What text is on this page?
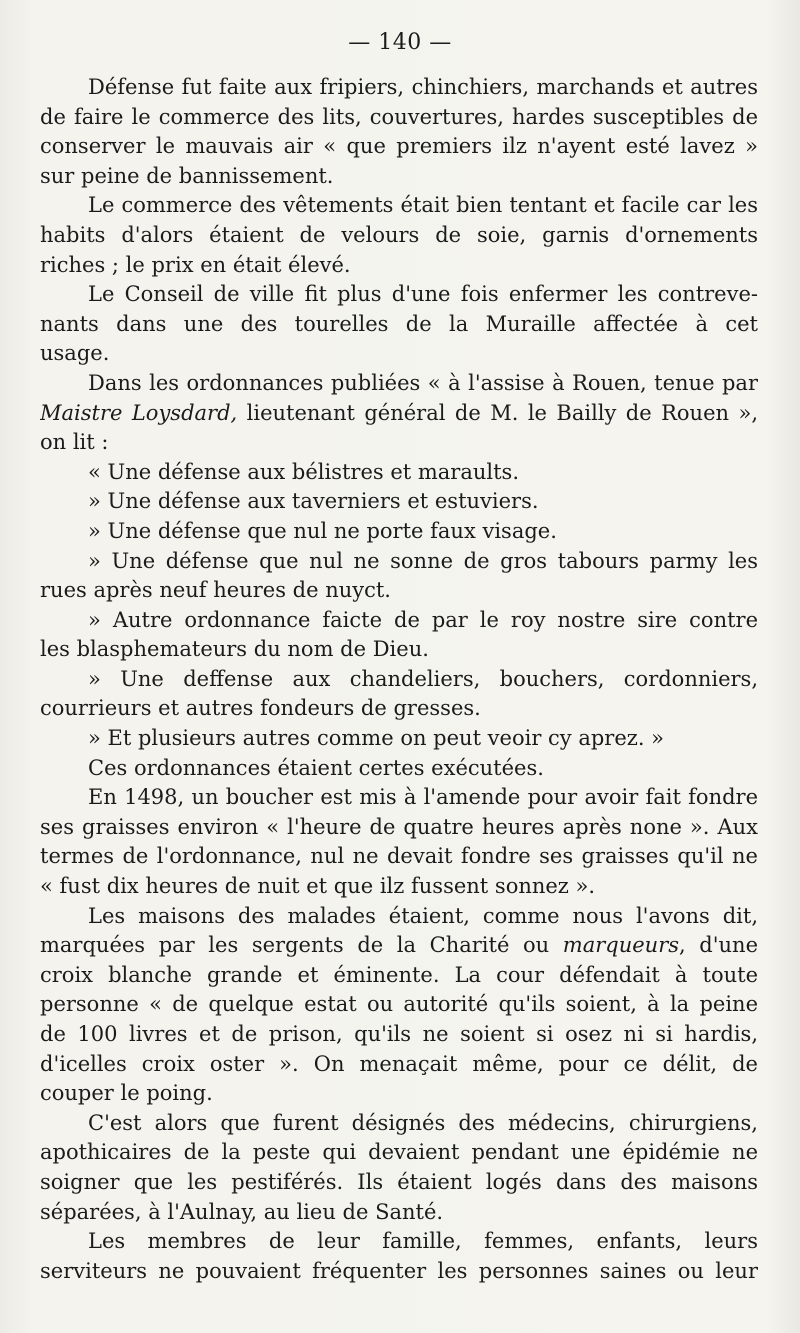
— 140 —
Défense fut faite aux fripiers, chinchiers, marchands et autres
de faire le commerce des lits, couvertures, hardes susceptibles de
conserver le mauvais air « que premiers ilz n'ayent esté lavez »
sur peine de bannissement.
Le commerce des vêtements était bien tentant et facile car les
habits d'alors étaient de velours de soie, garnis d'ornements
riches ; le prix en était élevé.
Le Conseil de ville fit plus d'une fois enfermer les contreve-
nants dans une des tourelles de la Muraille affectée à cet
usage.
Dans les ordonnances publiées « à l'assise à Rouen, tenue par
Maistre Loysdard, lieutenant général de M. le Bailly de Rouen »,
on lit :
« Une défense aux bélistres et maraults.
» Une défense aux taverniers et estuviers.
» Une défense que nul ne porte faux visage.
» Une défense que nul ne sonne de gros tabours parmy les
rues après neuf heures de nuyct.
» Autre ordonnance faicte de par le roy nostre sire contre
les blasphemateurs du nom de Dieu.
» Une deffense aux chandeliers, bouchers, cordonniers,
courrieurs et autres fondeurs de gresses.
» Et plusieurs autres comme on peut veoir cy aprez. »
Ces ordonnances étaient certes exécutées.
En 1498, un boucher est mis à l'amende pour avoir fait fondre
ses graisses environ « l'heure de quatre heures après none ». Aux
termes de l'ordonnance, nul ne devait fondre ses graisses qu'il ne
« fust dix heures de nuit et que ilz fussent sonnez ».
Les maisons des malades étaient, comme nous l'avons dit,
marquées par les sergents de la Charité ou marqueurs, d'une
croix blanche grande et éminente. La cour défendait à toute
personne « de quelque estat ou autorité qu'ils soient, à la peine
de 100 livres et de prison, qu'ils ne soient si osez ni si hardis,
d'icelles croix oster ». On menaçait même, pour ce délit, de
couper le poing.
C'est alors que furent désignés des médecins, chirurgiens,
apothicaires de la peste qui devaient pendant une épidémie ne
soigner que les pestiférés. Ils étaient logés dans des maisons
séparées, à l'Aulnay, au lieu de Santé.
Les membres de leur famille, femmes, enfants, leurs
serviteurs ne pouvaient fréquenter les personnes saines ou leur
